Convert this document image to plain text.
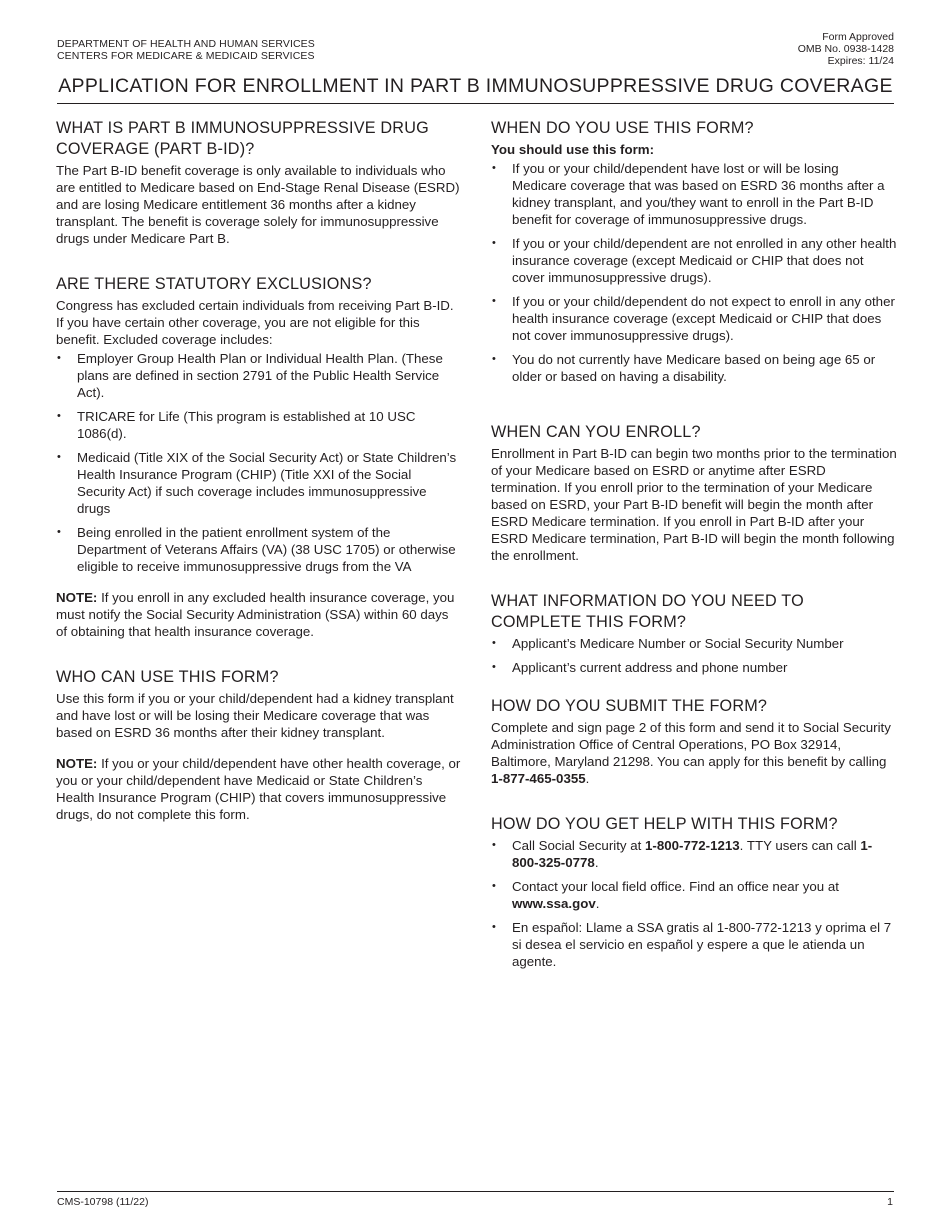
DEPARTMENT OF HEALTH AND HUMAN SERVICES
CENTERS FOR MEDICARE & MEDICAID SERVICES
Form Approved
OMB No. 0938-1428
Expires: 11/24
APPLICATION FOR ENROLLMENT IN PART B IMMUNOSUPPRESSIVE DRUG COVERAGE
WHAT IS PART B IMMUNOSUPPRESSIVE DRUG COVERAGE (PART B-ID)?

The Part B-ID benefit coverage is only available to individuals who are entitled to Medicare based on End-Stage Renal Disease (ESRD) and are losing Medicare entitlement 36 months after a kidney transplant. The benefit is coverage solely for immunosuppressive drugs under Medicare Part B.

ARE THERE STATUTORY EXCLUSIONS?

Congress has excluded certain individuals from receiving Part B-ID. If you have certain other coverage, you are not eligible for this benefit. Excluded coverage includes:

• Employer Group Health Plan or Individual Health Plan. (These plans are defined in section 2791 of the Public Health Service Act).
• TRICARE for Life (This program is established at 10 USC 1086(d).
• Medicaid (Title XIX of the Social Security Act) or State Children’s Health Insurance Program (CHIP) (Title XXI of the Social Security Act) if such coverage includes immunosuppressive drugs
• Being enrolled in the patient enrollment system of the Department of Veterans Affairs (VA) (38 USC 1705) or otherwise eligible to receive immunosuppressive drugs from the VA

NOTE: If you enroll in any excluded health insurance coverage, you must notify the Social Security Administration (SSA) within 60 days of obtaining that health insurance coverage.

WHO CAN USE THIS FORM?

Use this form if you or your child/dependent had a kidney transplant and have lost or will be losing their Medicare coverage that was based on ESRD 36 months after their kidney transplant.

NOTE: If you or your child/dependent have other health coverage, or you or your child/dependent have Medicaid or State Children’s Health Insurance Program (CHIP) that covers immunosuppressive drugs, do not complete this form.

WHEN DO YOU USE THIS FORM?
You should use this form:
• If you or your child/dependent have lost or will be losing Medicare coverage that was based on ESRD 36 months after a kidney transplant, and you/they want to enroll in the Part B-ID benefit for coverage of immunosuppressive drugs.
• If you or your child/dependent are not enrolled in any other health insurance coverage (except Medicaid or CHIP that does not cover immunosuppressive drugs).
• If you or your child/dependent do not expect to enroll in any other health insurance coverage (except Medicaid or CHIP that does not cover immunosuppressive drugs).
• You do not currently have Medicare based on being age 65 or older or based on having a disability.
WHEN CAN YOU ENROLL?

Enrollment in Part B-ID can begin two months prior to the termination of your Medicare based on ESRD or anytime after ESRD termination. If you enroll prior to the termination of your Medicare based on ESRD, your Part B-ID benefit will begin the month after ESRD Medicare termination. If you enroll in Part B-ID after your ESRD Medicare termination, Part B-ID will begin the month following the enrollment.

WHAT INFORMATION DO YOU NEED TO COMPLETE THIS FORM?
• Applicant’s Medicare Number or Social Security Number
• Applicant’s current address and phone number
HOW DO YOU SUBMIT THE FORM?

Complete and sign page 2 of this form and send it to Social Security Administration Office of Central Operations, PO Box 32914, Baltimore, Maryland 21298. You can apply for this benefit by calling 1-877-465-0355.

HOW DO YOU GET HELP WITH THIS FORM?
• Call Social Security at 1-800-772-1213. TTY users can call 1-800-325-0778.
• Contact your local field office. Find an office near you at www.ssa.gov.
• En español: Llame a SSA gratis al 1-800-772-1213 y oprima el 7 si desea el servicio en español y espere a que le atienda un agente.
CMS-10798 (11/22)	1
